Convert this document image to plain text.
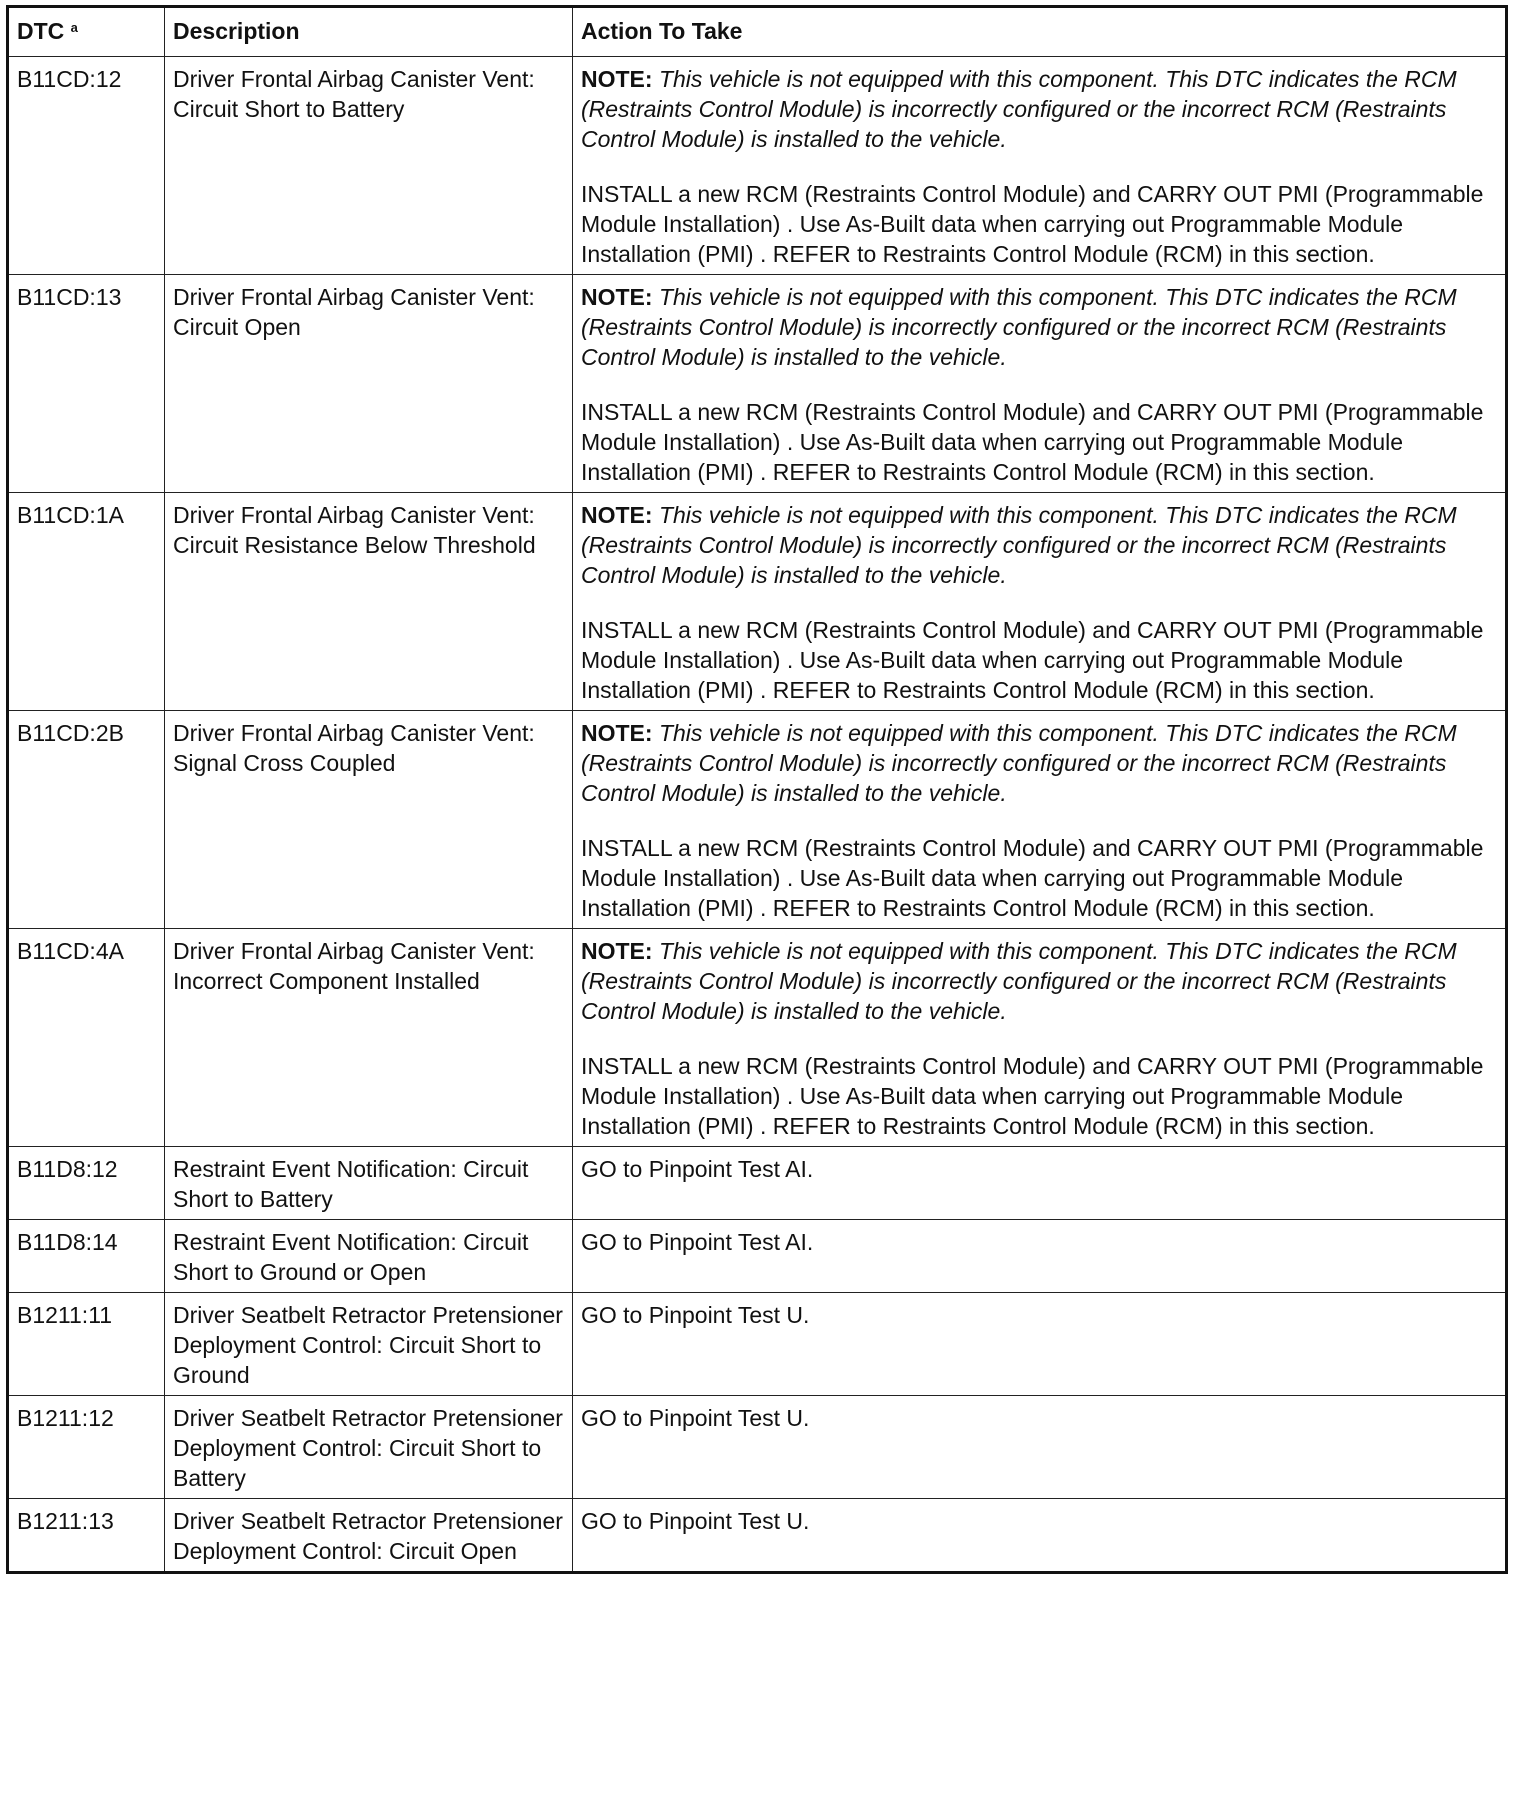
DTC $^a$	Description	Action To Take
B11CD:12	Driver Frontal Airbag Canister Vent: Circuit Short to Battery	NOTE: This vehicle is not equipped with this component. This DTC indicates the RCM (Restraints Control Module) is incorrectly configured or the incorrect RCM (Restraints Control Module) is installed to the vehicle.

INSTALL a new RCM (Restraints Control Module) and CARRY OUT PMI (Programmable Module Installation) . Use As-Built data when carrying out Programmable Module Installation (PMI) . REFER to Restraints Control Module (RCM) in this section.

B11CD:13	Driver Frontal Airbag Canister Vent: Circuit Open	NOTE: This vehicle is not equipped with this component. This DTC indicates the RCM (Restraints Control Module) is incorrectly configured or the incorrect RCM (Restraints Control Module) is installed to the vehicle.

INSTALL a new RCM (Restraints Control Module) and CARRY OUT PMI (Programmable Module Installation) . Use As-Built data when carrying out Programmable Module Installation (PMI) . REFER to Restraints Control Module (RCM) in this section.

B11CD:1A	Driver Frontal Airbag Canister Vent: Circuit Resistance Below Threshold	NOTE: This vehicle is not equipped with this component. This DTC indicates the RCM (Restraints Control Module) is incorrectly configured or the incorrect RCM (Restraints Control Module) is installed to the vehicle.

INSTALL a new RCM (Restraints Control Module) and CARRY OUT PMI (Programmable Module Installation) . Use As-Built data when carrying out Programmable Module Installation (PMI) . REFER to Restraints Control Module (RCM) in this section.

B11CD:2B	Driver Frontal Airbag Canister Vent: Signal Cross Coupled	NOTE: This vehicle is not equipped with this component. This DTC indicates the RCM (Restraints Control Module) is incorrectly configured or the incorrect RCM (Restraints Control Module) is installed to the vehicle.

INSTALL a new RCM (Restraints Control Module) and CARRY OUT PMI (Programmable Module Installation) . Use As-Built data when carrying out Programmable Module Installation (PMI) . REFER to Restraints Control Module (RCM) in this section.

B11CD:4A	Driver Frontal Airbag Canister Vent: Incorrect Component Installed	NOTE: This vehicle is not equipped with this component. This DTC indicates the RCM (Restraints Control Module) is incorrectly configured or the incorrect RCM (Restraints Control Module) is installed to the vehicle.

INSTALL a new RCM (Restraints Control Module) and CARRY OUT PMI (Programmable Module Installation) . Use As-Built data when carrying out Programmable Module Installation (PMI) . REFER to Restraints Control Module (RCM) in this section.

B11D8:12	Restraint Event Notification: Circuit Short to Battery	GO to Pinpoint Test AI.
B11D8:14	Restraint Event Notification: Circuit Short to Ground or Open	GO to Pinpoint Test AI.
B1211:11	Driver Seatbelt Retractor Pretensioner Deployment Control: Circuit Short to Ground	GO to Pinpoint Test U.
B1211:12	Driver Seatbelt Retractor Pretensioner Deployment Control: Circuit Short to Battery	GO to Pinpoint Test U.
B1211:13	Driver Seatbelt Retractor Pretensioner Deployment Control: Circuit Open	GO to Pinpoint Test U.
